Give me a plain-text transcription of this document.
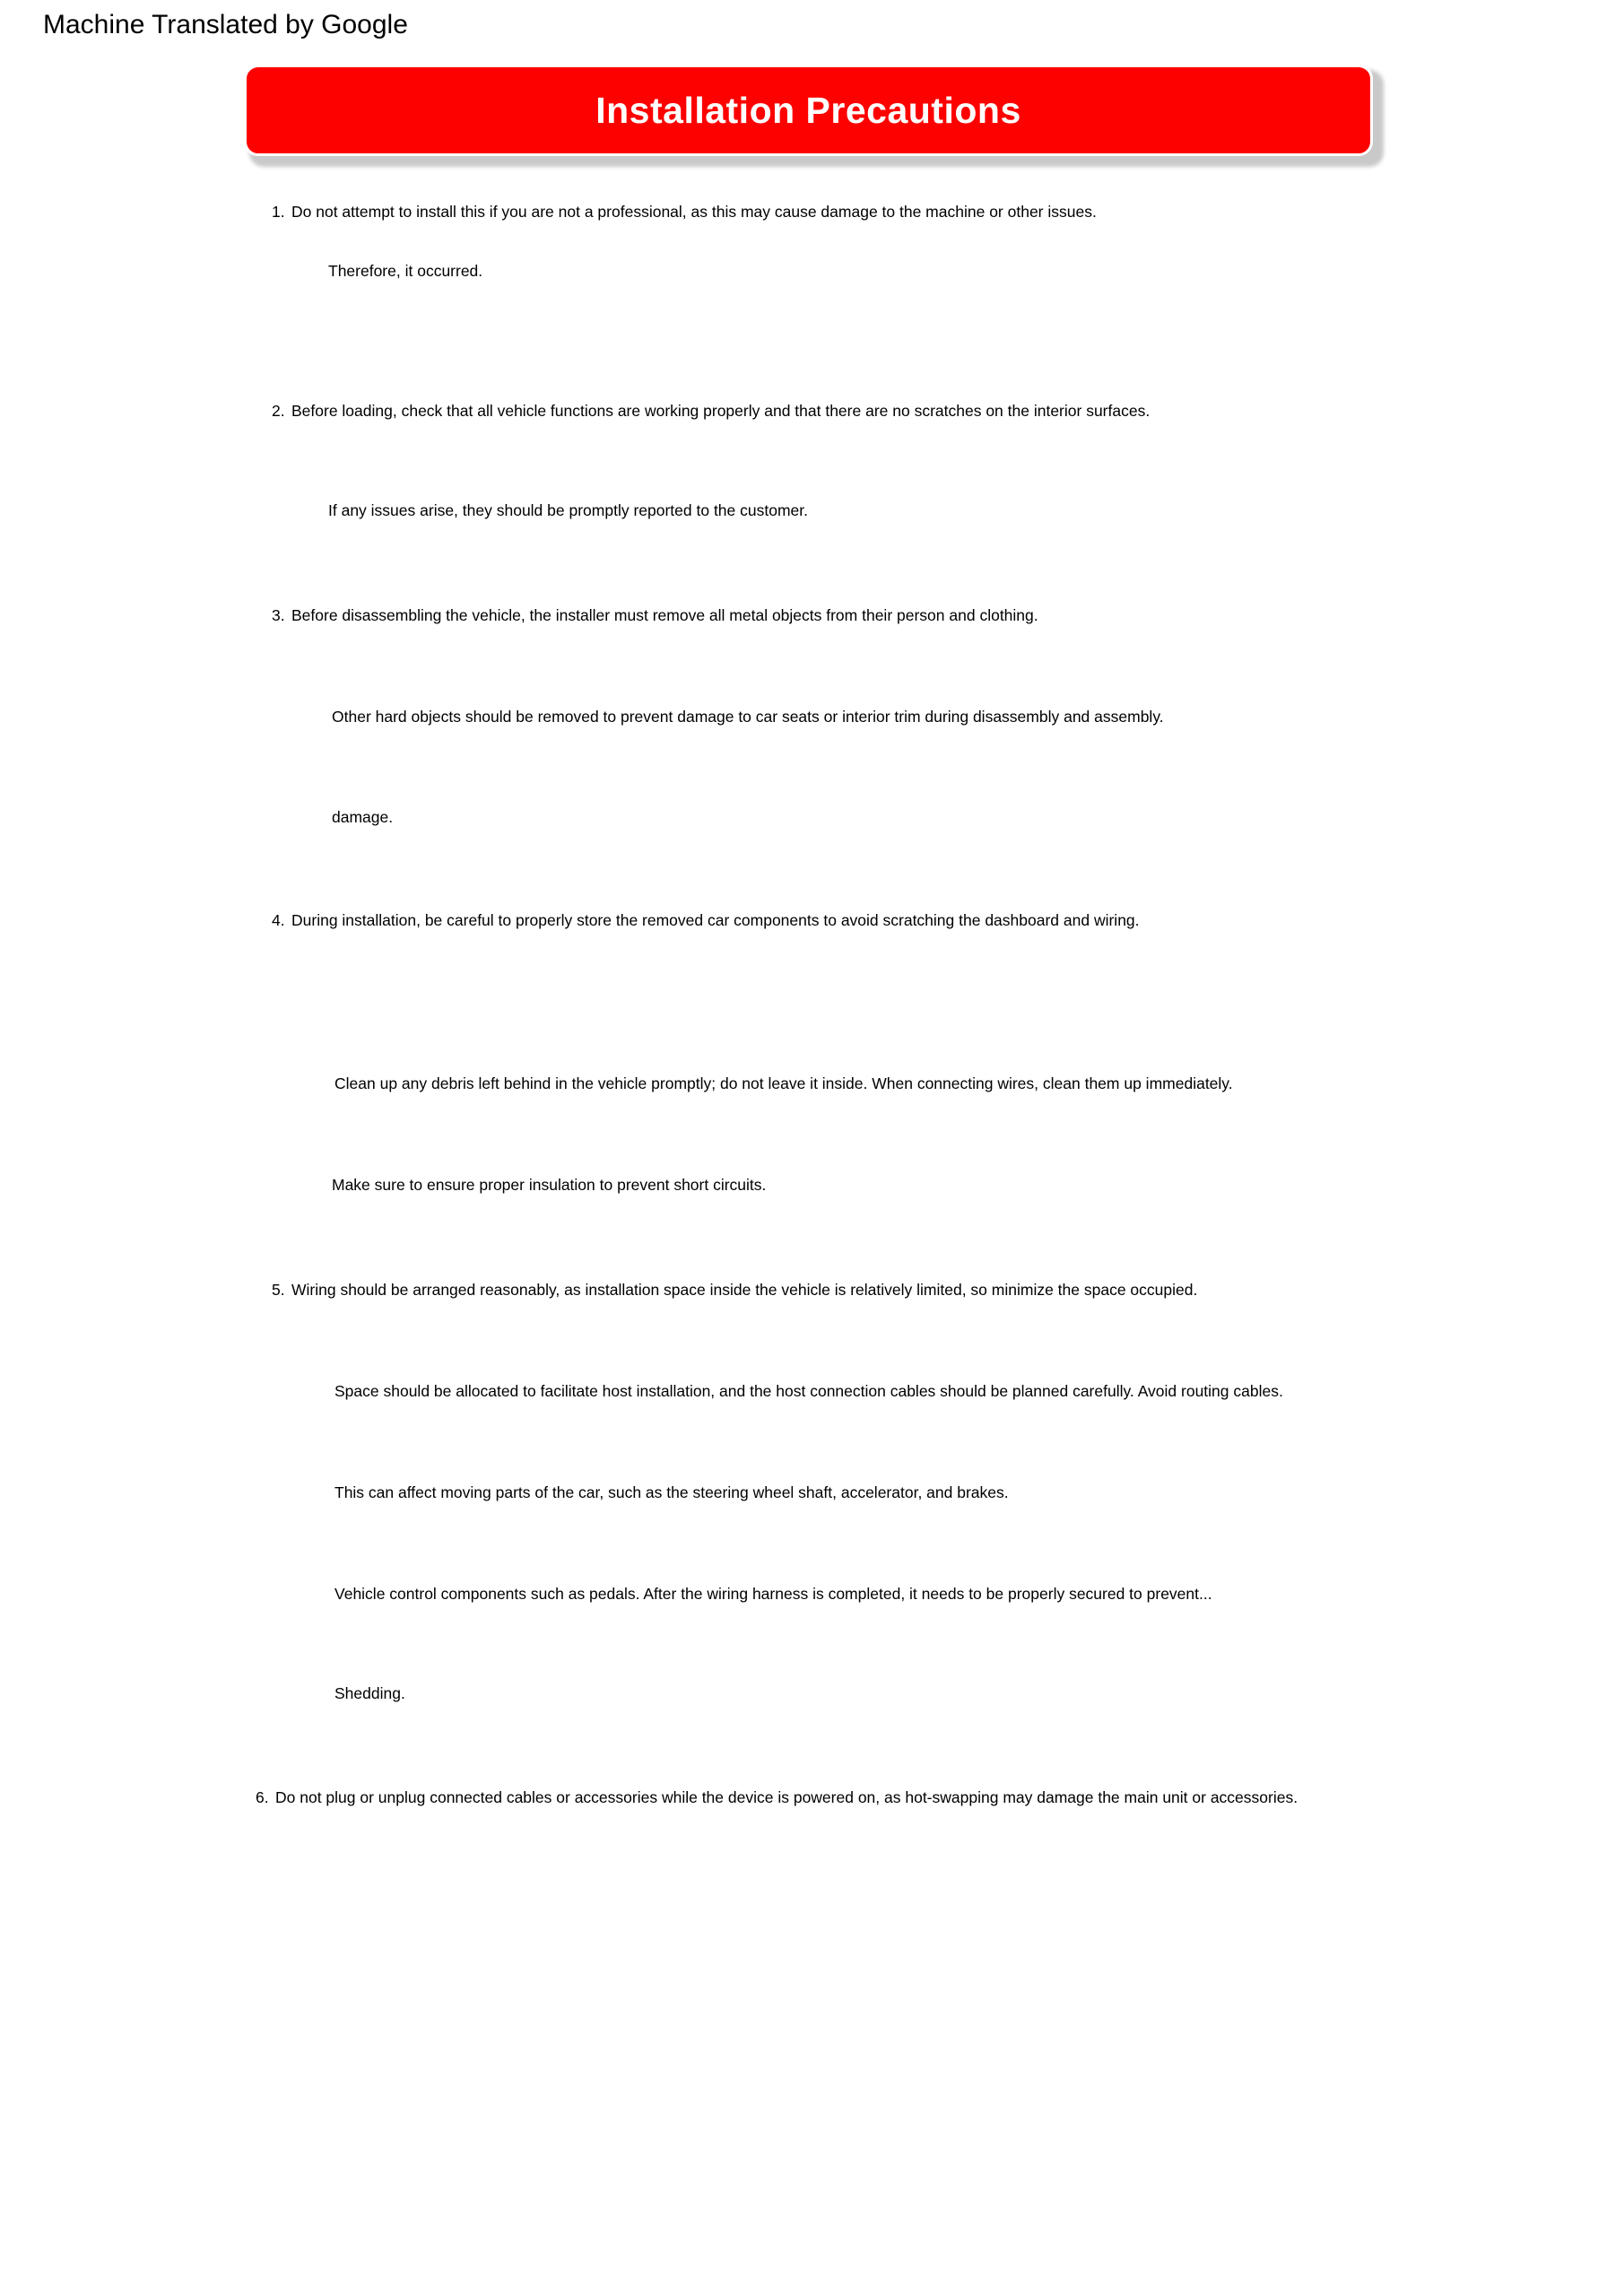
Machine Translated by Google
Installation Precautions
1. Do not attempt to install this if you are not a professional, as this may cause damage to the machine or other issues.
Therefore, it occurred.
2. Before loading, check that all vehicle functions are working properly and that there are no scratches on the interior surfaces.
If any issues arise, they should be promptly reported to the customer.
3. Before disassembling the vehicle, the installer must remove all metal objects from their person and clothing.
Other hard objects should be removed to prevent damage to car seats or interior trim during disassembly and assembly.
damage.
4. During installation, be careful to properly store the removed car components to avoid scratching the dashboard and wiring.
Clean up any debris left behind in the vehicle promptly; do not leave it inside. When connecting wires, clean them up immediately.
Make sure to ensure proper insulation to prevent short circuits.
5. Wiring should be arranged reasonably, as installation space inside the vehicle is relatively limited, so minimize the space occupied.
Space should be allocated to facilitate host installation, and the host connection cables should be planned carefully. Avoid routing cables.
This can affect moving parts of the car, such as the steering wheel shaft, accelerator, and brakes.
Vehicle control components such as pedals. After the wiring harness is completed, it needs to be properly secured to prevent...
Shedding.
6. Do not plug or unplug connected cables or accessories while the device is powered on, as hot-swapping may damage the main unit or accessories.
